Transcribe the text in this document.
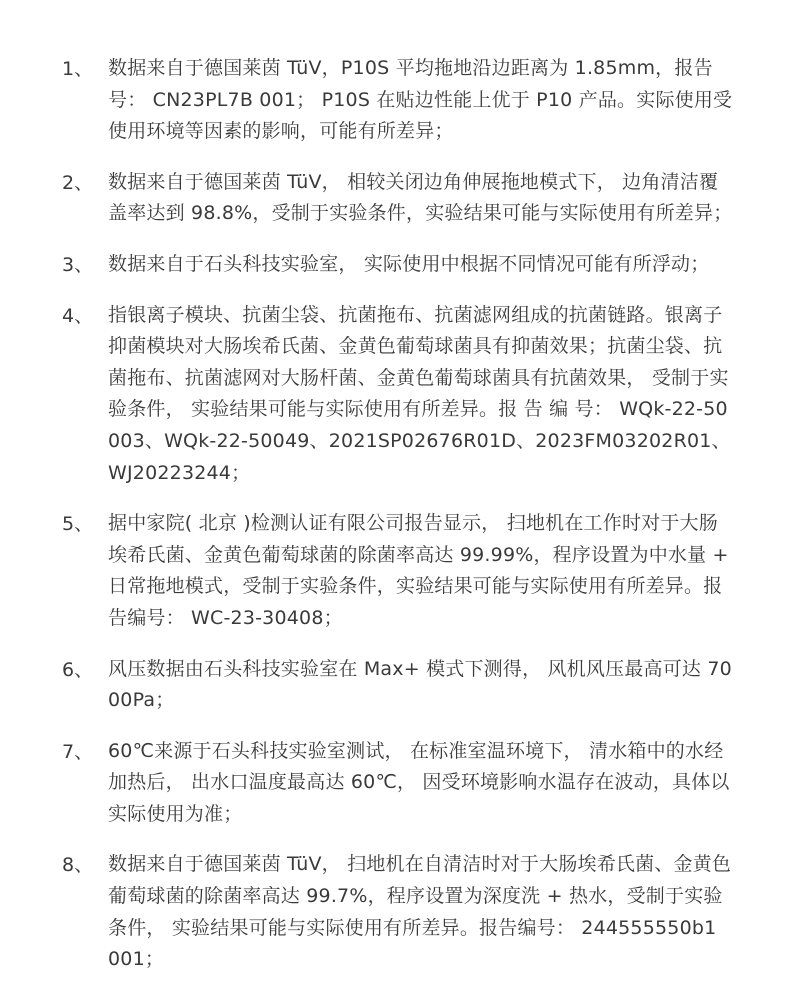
1、 数据来自于德国莱茵 TüV，P10S 平均拖地沿边距离为 1.85mm，报告号： CN23PL7B 001； P10S 在贴边性能上优于 P10 产品。实际使用受使用环境等因素的影响，可能有所差异；

2、 数据来自于德国莱茵 TüV， 相较关闭边角伸展拖地模式下， 边角清洁覆盖率达到 98.8%，受制于实验条件，实验结果可能与实际使用有所差异；

3、 数据来自于石头科技实验室， 实际使用中根据不同情况可能有所浮动；

4、 指银离子模块、抗菌尘袋、抗菌拖布、抗菌滤网组成的抗菌链路。银离子抑菌模块对大肠埃希氏菌、金黄色葡萄球菌具有抑菌效果；抗菌尘袋、抗菌拖布、抗菌滤网对大肠杆菌、金黄色葡萄球菌具有抗菌效果， 受制于实验条件， 实验结果可能与实际使用有所差异。报 告 编 号： WQk-22-50003、WQk-22-50049、2021SP02676R01D、2023FM03202R01、WJ20223244；

5、 据中家院( 北京 )检测认证有限公司报告显示， 扫地机在工作时对于大肠埃希氏菌、金黄色葡萄球菌的除菌率高达 99.99%，程序设置为中水量 + 日常拖地模式，受制于实验条件，实验结果可能与实际使用有所差异。报告编号： WC-23-30408；

6、 风压数据由石头科技实验室在 Max+ 模式下测得， 风机风压最高可达 7000Pa；

7、 60℃来源于石头科技实验室测试， 在标准室温环境下， 清水箱中的水经加热后， 出水口温度最高达 60℃， 因受环境影响水温存在波动，具体以实际使用为准；

8、 数据来自于德国莱茵 TüV， 扫地机在自清洁时对于大肠埃希氏菌、金黄色葡萄球菌的除菌率高达 99.7%，程序设置为深度洗 + 热水，受制于实验条件， 实验结果可能与实际使用有所差异。报告编号： 244555550b1 001；
